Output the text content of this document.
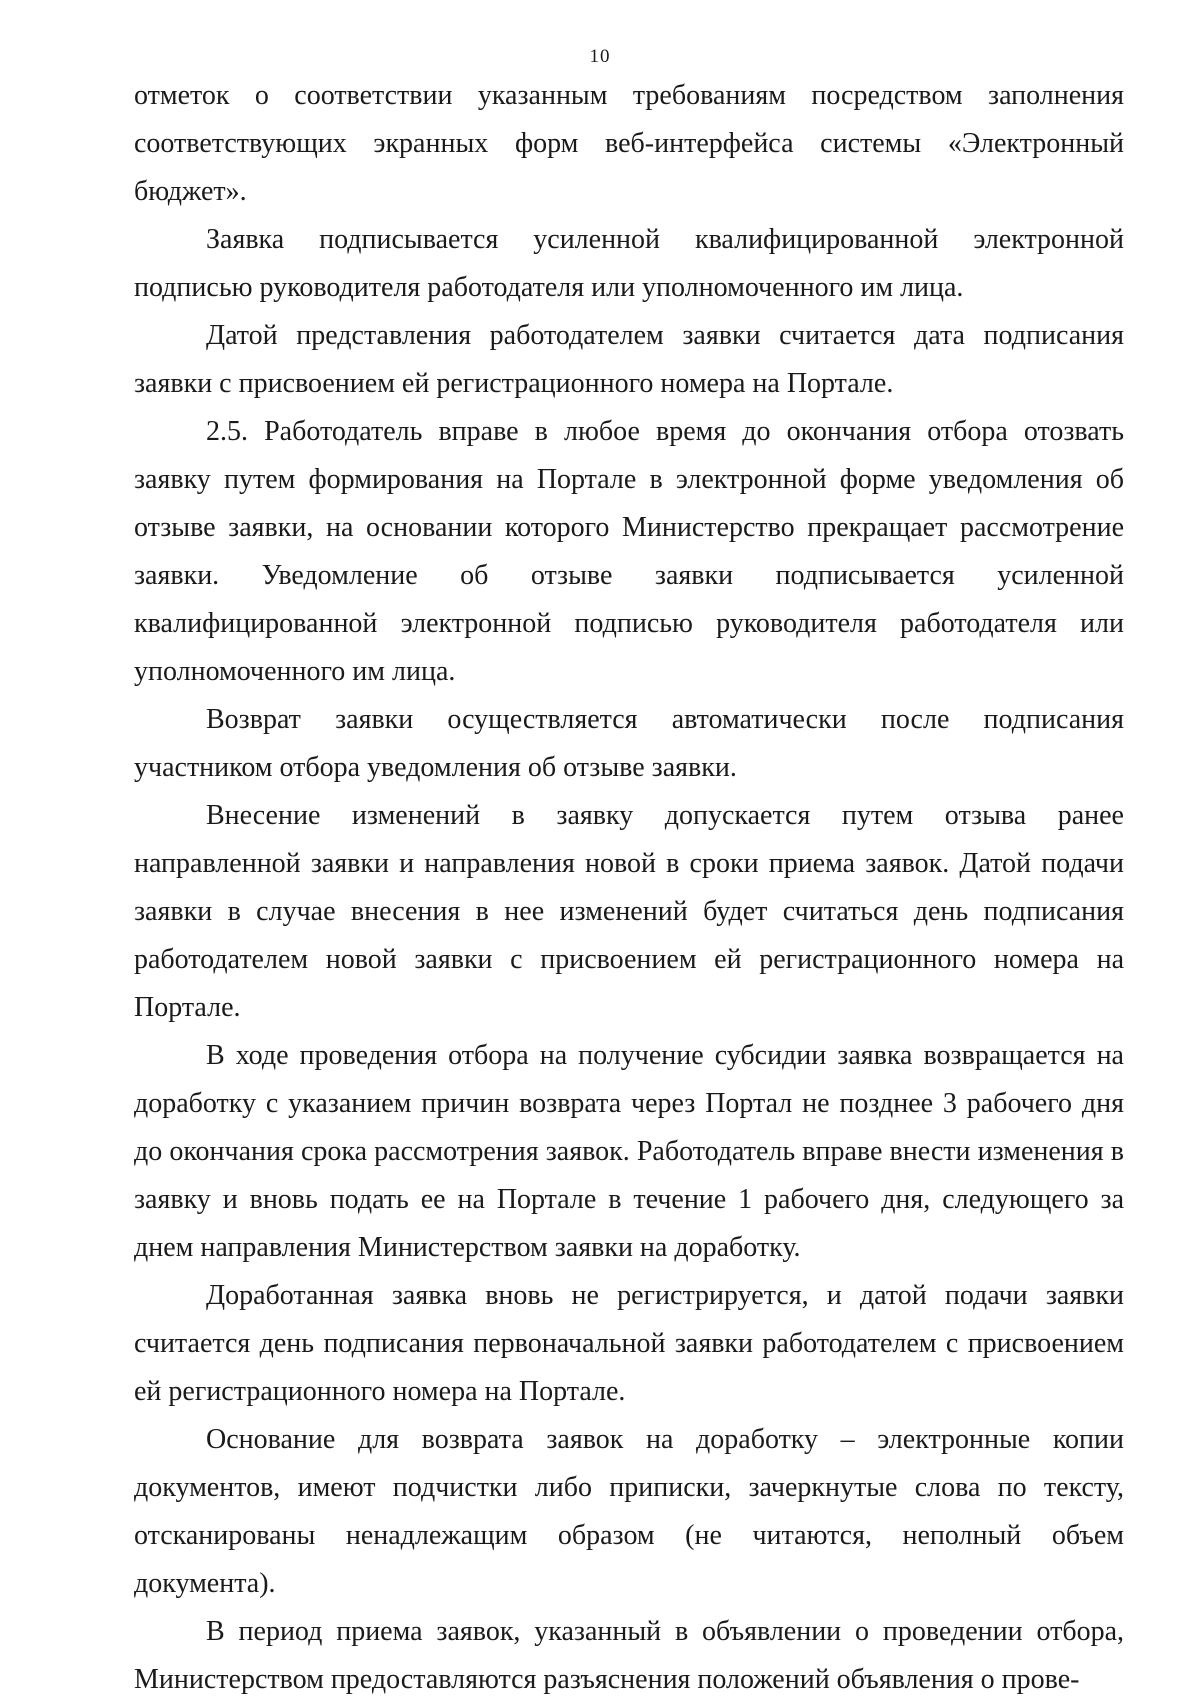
10

отметок о соответствии указанным требованиям посредством заполнения соответствующих экранных форм веб-интерфейса системы «Электронный бюджет».

Заявка подписывается усиленной квалифицированной электронной подписью руководителя работодателя или уполномоченного им лица.

Датой представления работодателем заявки считается дата подписания заявки с присвоением ей регистрационного номера на Портале.

2.5. Работодатель вправе в любое время до окончания отбора отозвать заявку путем формирования на Портале в электронной форме уведомления об отзыве заявки, на основании которого Министерство прекращает рассмотрение заявки. Уведомление об отзыве заявки подписывается усиленной квалифицированной электронной подписью руководителя работодателя или уполномоченного им лица.

Возврат заявки осуществляется автоматически после подписания участником отбора уведомления об отзыве заявки.

Внесение изменений в заявку допускается путем отзыва ранее направленной заявки и направления новой в сроки приема заявок. Датой подачи заявки в случае внесения в нее изменений будет считаться день подписания работодателем новой заявки с присвоением ей регистрационного номера на Портале.

В ходе проведения отбора на получение субсидии заявка возвращается на доработку с указанием причин возврата через Портал не позднее 3 рабочего дня до окончания срока рассмотрения заявок. Работодатель вправе внести изменения в заявку и вновь подать ее на Портале в течение 1 рабочего дня, следующего за днем направления Министерством заявки на доработку.

Доработанная заявка вновь не регистрируется, и датой подачи заявки считается день подписания первоначальной заявки работодателем с присвоением ей регистрационного номера на Портале.

Основание для возврата заявок на доработку – электронные копии документов, имеют подчистки либо приписки, зачеркнутые слова по тексту, отсканированы ненадлежащим образом (не читаются, неполный объем документа).

В период приема заявок, указанный в объявлении о проведении отбора, Министерством предоставляются разъяснения положений объявления о прове-
